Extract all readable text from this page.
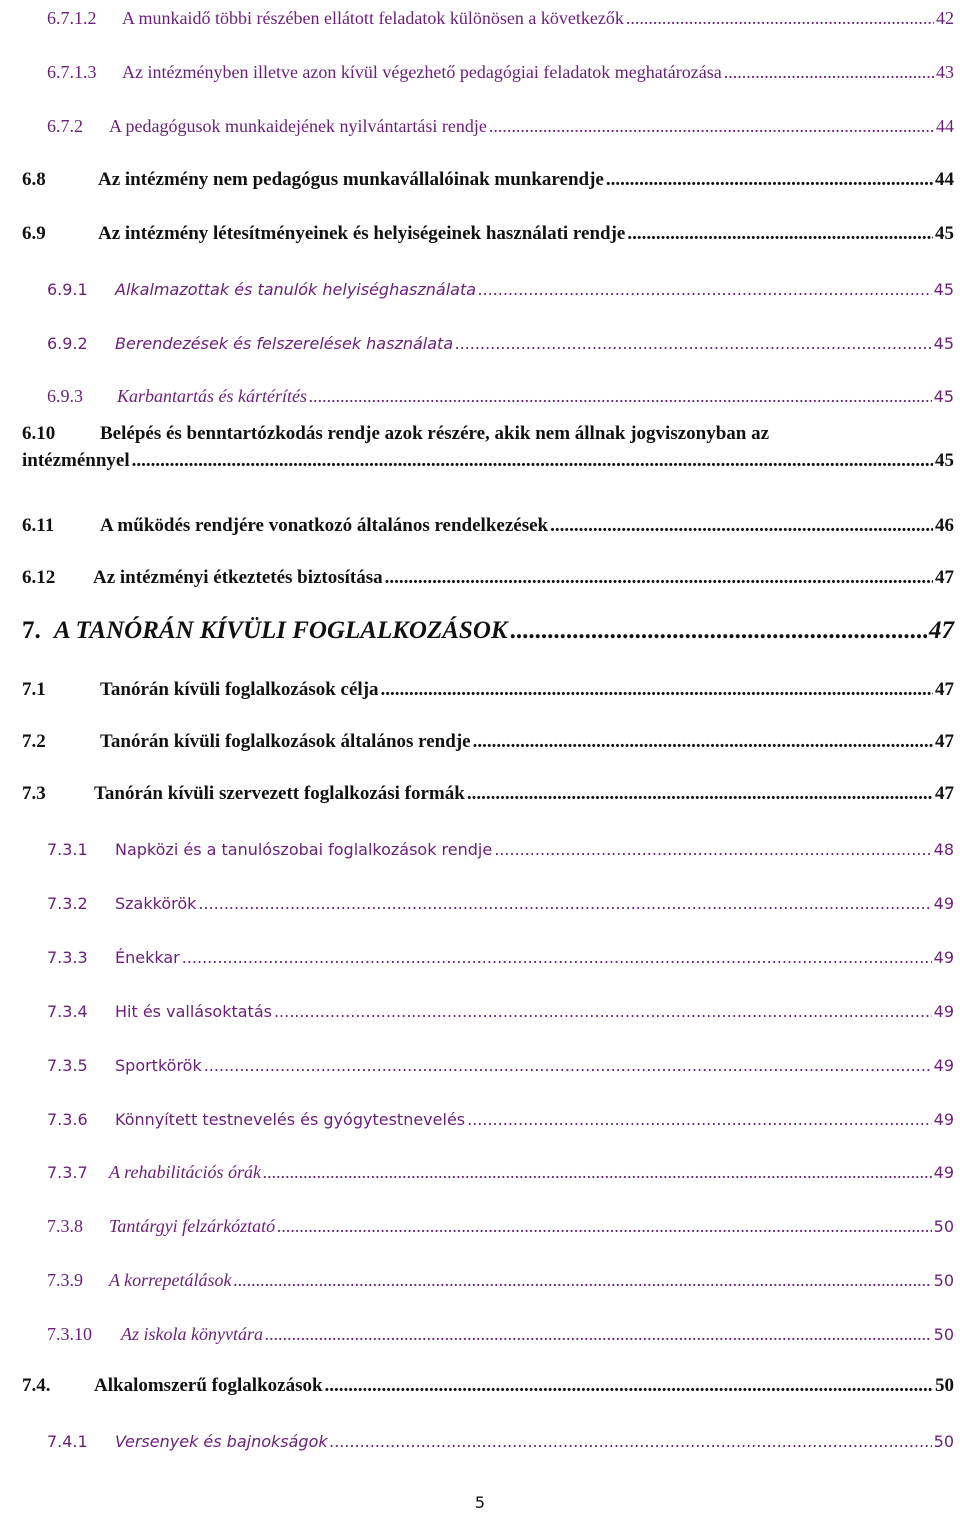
6.7.1.2	A munkaidő többi részében ellátott feladatok különösen a következők .....	42
6.7.1.3	Az intézményben illetve azon kívül végezhető pedagógiai feladatok meghatározása .....	43
6.7.2	A pedagógusok munkaidejének nyilvántartási rendje .....	44
6.8	Az intézmény nem pedagógus munkavállalóinak munkarendje .....	44
6.9	Az intézmény létesítményeinek és helyiségeinek használati rendje .....	45
6.9.1	Alkalmazottak és tanulók helyiséghasználata .....	45
6.9.2	Berendezések és felszerelések használata .....	45
6.9.3	Karbantartás és kártérítés .....	45
6.10 Belépés és benntartózkodás rendje azok részére, akik nem állnak jogviszonyban az
intézménnyel .....	45
6.11	A működés rendjére vonatkozó általános rendelkezések .....	46
6.12	Az intézményi étkeztetés biztosítása .....	47
7. A TANÓRÁN KÍVÜLI FOGLALKOZÁSOK .....	47
7.1	Tanórán kívüli foglalkozások célja .....	47
7.2	Tanórán kívüli foglalkozások általános rendje .....	47
7.3	Tanórán kívüli szervezett foglalkozási formák .....	47
7.3.1	Napközi és a tanulószobai foglalkozások rendje .....	48
7.3.2	Szakkörök .....	49
7.3.3	Énekkar .....	49
7.3.4	Hit és vallásoktatás .....	49
7.3.5	Sportkörök .....	49
7.3.6	Könnyített testnevelés és gyógytestnevelés .....	49
7.3.7	A rehabilitációs órák .....	49
7.3.8	Tantárgyi felzárkóztató .....	50
7.3.9	A korrepetálások .....	50
7.3.10	Az iskola könyvtára .....	50
7.4.	Alkalomszerű foglalkozások .....	50
7.4.1	Versenyek és bajnokságok .....	50
5
